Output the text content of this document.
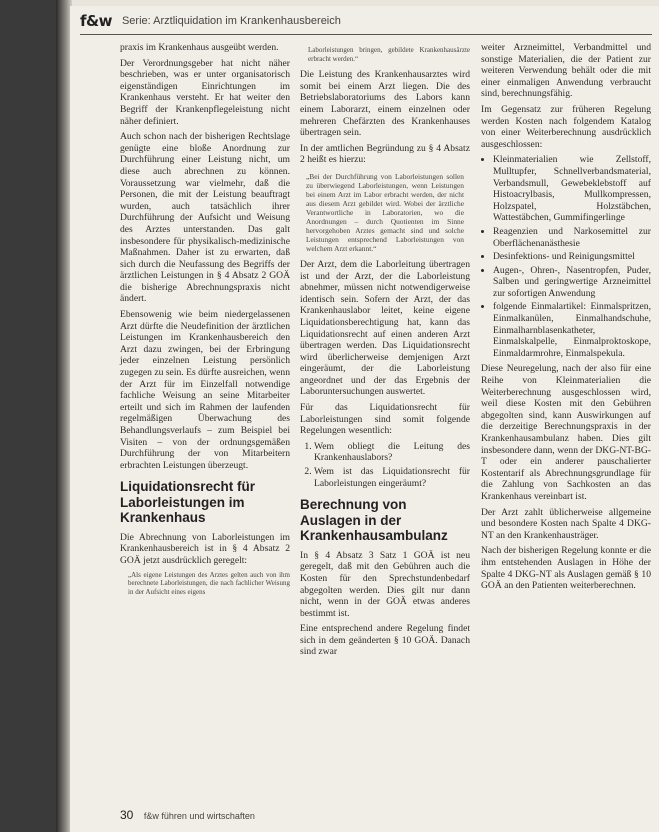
f&w Serie: Arztliquidation im Krankenhausbereich

praxis im Krankenhaus ausgeübt werden.

Der Verordnungsgeber hat nicht näher beschrieben, was er unter organisatorisch eigenständigen Einrichtungen im Krankenhaus versteht. Er hat weiter den Begriff der Krankenpflegeleistung nicht näher definiert.

Auch schon nach der bisherigen Rechtslage genügte eine bloße Anordnung zur Durchführung einer Leistung nicht, um diese auch abrechnen zu können. Voraussetzung war vielmehr, daß die Personen, die mit der Leistung beauftragt wurden, auch tatsächlich ihrer Durchführung der Aufsicht und Weisung des Arztes unterstanden. Das galt insbesondere für physikalisch-medizinische Maßnahmen. Daher ist zu erwarten, daß sich durch die Neufassung des Begriffs der ärztlichen Leistungen in § 4 Absatz 2 GOÄ die bisherige Abrechnungspraxis nicht ändert.

Ebensowenig wie beim niedergelassenen Arzt dürfte die Neudefinition der ärztlichen Leistungen im Krankenhausbereich den Arzt dazu zwingen, bei der Erbringung jeder einzelnen Leistung persönlich zugegen zu sein. Es dürfte ausreichen, wenn der Arzt für im Einzelfall notwendige fachliche Weisung an seine Mitarbeiter erteilt und sich im Rahmen der laufenden regelmäßigen Überwachung des Behandlungsverlaufs – zum Beispiel bei Visiten – von der ordnungsgemäßen Durchführung der von Mitarbeitern erbrachten Leistungen überzeugt.

Liquidationsrecht für Laborleistungen im Krankenhaus

Die Abrechnung von Laborleistungen im Krankenhausbereich ist in § 4 Absatz 2 GOÄ jetzt ausdrücklich geregelt:

„Als eigene Leistungen des Arztes gelten auch von ihm berechnete Laborleistungen, die nach fachlicher Weisung in der Aufsicht eines eigens
Laborleistungen bringen, gebildete Krankenhausärzte erbracht werden.“

Die Leistung des Krankenhausarztes wird somit bei einem Arzt liegen. Die des Betriebslaboratoriums des Labors kann einem Laborarzt, einem einzelnen oder mehreren Chefärzten des Krankenhauses übertragen sein.

In der amtlichen Begründung zu § 4 Absatz 2 heißt es hierzu:

„Bei der Durchführung von Laborleistungen sollen zu überwiegend Laborleistungen, wenn Leistungen bei einem Arzt im Labor erbracht werden, der nicht aus diesem Arzt gebildet wird. Wobei der ärztliche Verantwortliche in Laboratorien, wo die Anordnungen – durch Quotienten im Sinne hervorgehoben Arztes gemacht sind und solche Leistungen entsprechend Laborleistungen von welchem Arzt erkannt.“

Der Arzt, dem die Laborleitung übertragen ist und der Arzt, der die Laborleistung abnehmer, müssen nicht notwendigerweise identisch sein. Sofern der Arzt, der das Krankenhauslabor leitet, keine eigene Liquidationsberechtigung hat, kann das Liquidationsrecht auf einen anderen Arzt übertragen werden. Das Liquidationsrecht wird überlicherweise demjenigen Arzt eingeräumt, der die Laborleistung angeordnet und der das Ergebnis der Laboruntersuchungen auswertet.

Für das Liquidationsrecht für Laborleistungen sind somit folgende Regelungen wesentlich:

1. Wem obliegt die Leitung des Krankenhauslabors?
2. Wem ist das Liquidationsrecht für Laborleistungen eingeräumt?
Berechnung von Auslagen in der Krankenhausambulanz

In § 4 Absatz 3 Satz 1 GOÄ ist neu geregelt, daß mit den Gebühren auch die Kosten für den Sprechstundenbedarf abgegolten werden. Dies gilt nur dann nicht, wenn in der GOÄ etwas anderes bestimmt ist.

Eine entsprechend andere Regelung findet sich in dem geänderten § 10 GOÄ. Danach sind zwar

weiter Arzneimittel, Verbandmittel und sonstige Materialien, die der Patient zur weiteren Verwendung behält oder die mit einer einmaligen Anwendung verbraucht sind, berechnungsfähig.

Im Gegensatz zur früheren Regelung werden Kosten nach folgendem Katalog von einer Weiterberechnung ausdrücklich ausgeschlossen:

• Kleinmaterialien wie Zellstoff, Mulltupfer, Schnellverbandsmaterial, Verbandsmull, Gewebeklebstoff auf Histoacrylbasis, Mullkompressen, Holzspatel, Holzstäbchen, Wattestäbchen, Gummifingerlinge
• Reagenzien und Narkosemittel zur Oberflächenanästhesie
• Desinfektions- und Reinigungsmittel
• Augen-, Ohren-, Nasentropfen, Puder, Salben und geringwertige Arzneimittel zur sofortigen Anwendung
• folgende Einmalartikel: Einmalspritzen, Einmalkanülen, Einmalhandschuhe, Einmalharnblasenkatheter, Einmalskalpelle, Einmalproktoskope, Einmaldarmrohre, Einmalspekula.

Diese Neuregelung, nach der also für eine Reihe von Kleinmaterialien die Weiterberechnung ausgeschlossen wird, weil diese Kosten mit den Gebühren abgegolten sind, kann Auswirkungen auf die derzeitige Berechnungspraxis in der Krankenhausambulanz haben. Dies gilt insbesondere dann, wenn der DKG-NT-BG-T oder ein anderer pauschalierter Kostentarif als Abrechnungsgrundlage für die Zahlung von Sachkosten an das Krankenhaus vereinbart ist.

Der Arzt zahlt üblicherweise allgemeine und besondere Kosten nach Spalte 4 DKG-NT an den Krankenhausträger.

Nach der bisherigen Regelung konnte er die ihm entstehenden Auslagen in Höhe der Spalte 4 DKG-NT als Auslagen gemäß § 10 GOÄ an den Patienten weiterberechnen.

30 f&w führen und wirtschaften
